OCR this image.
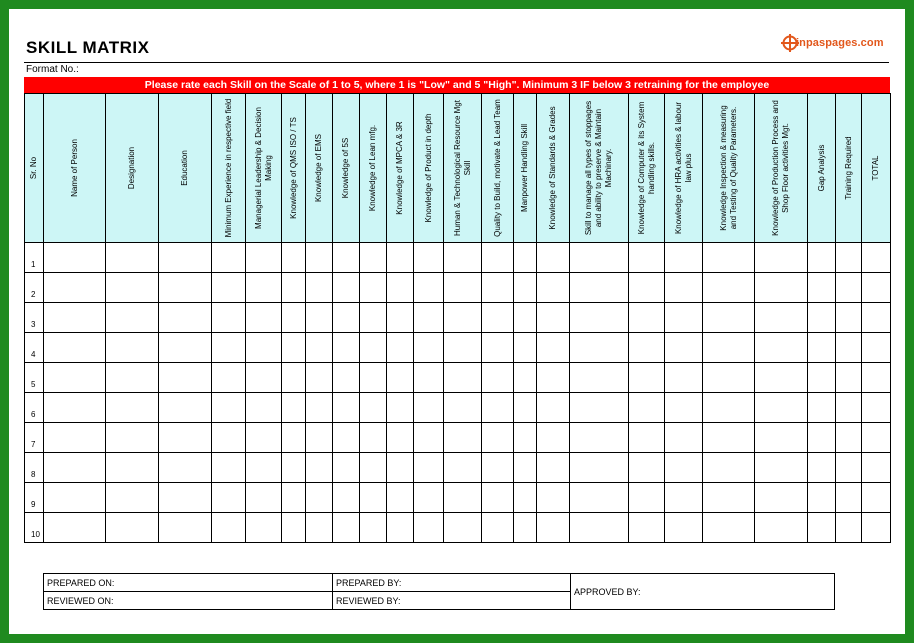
SKILL MATRIX	inpaspages.com
Format No.:
Please rate each Skill on the Scale of 1 to 5, where 1 is "Low" and 5 "High". Minimum 3 IF below 3 retraining for the employee
Sr. No	Name of Person	Designation	Education	Minimum Experience in respective field	Managerial Leadership & Decision Making	Knowledge of QMS ISO / TS	Knowledge of EMS	Knowledge of 5S	Knowledge of Lean mfg.	Knowledge of MPCA & 3R	Knowledge of Product in depth	Human & Technological Resource Mgt Skill	Quality to Build, motivate & Lead Team	Manpower Handling Skill	Knowledge of Standards & Grades	Skill to manage all types of stoppages and ability to preserve & Maintain Machinary.	Knowledge of Computer & its System handling skills.	Knowledge of HRA activities & labour law plus	Knowledge Inspection & measuring and Testing of Quality Parameters.	Knowledge of Production Process and Shop Floor activities Mgt.	Gap Analysis	Training Required	TOTAL

1																							

2																							

3																							

4																							

5																							

6																							

7																							

8																							

9																							

10																							

PREPARED ON:	PREPARED BY:	APPROVED BY:
REVIEWED ON:	REVIEWED BY:	
